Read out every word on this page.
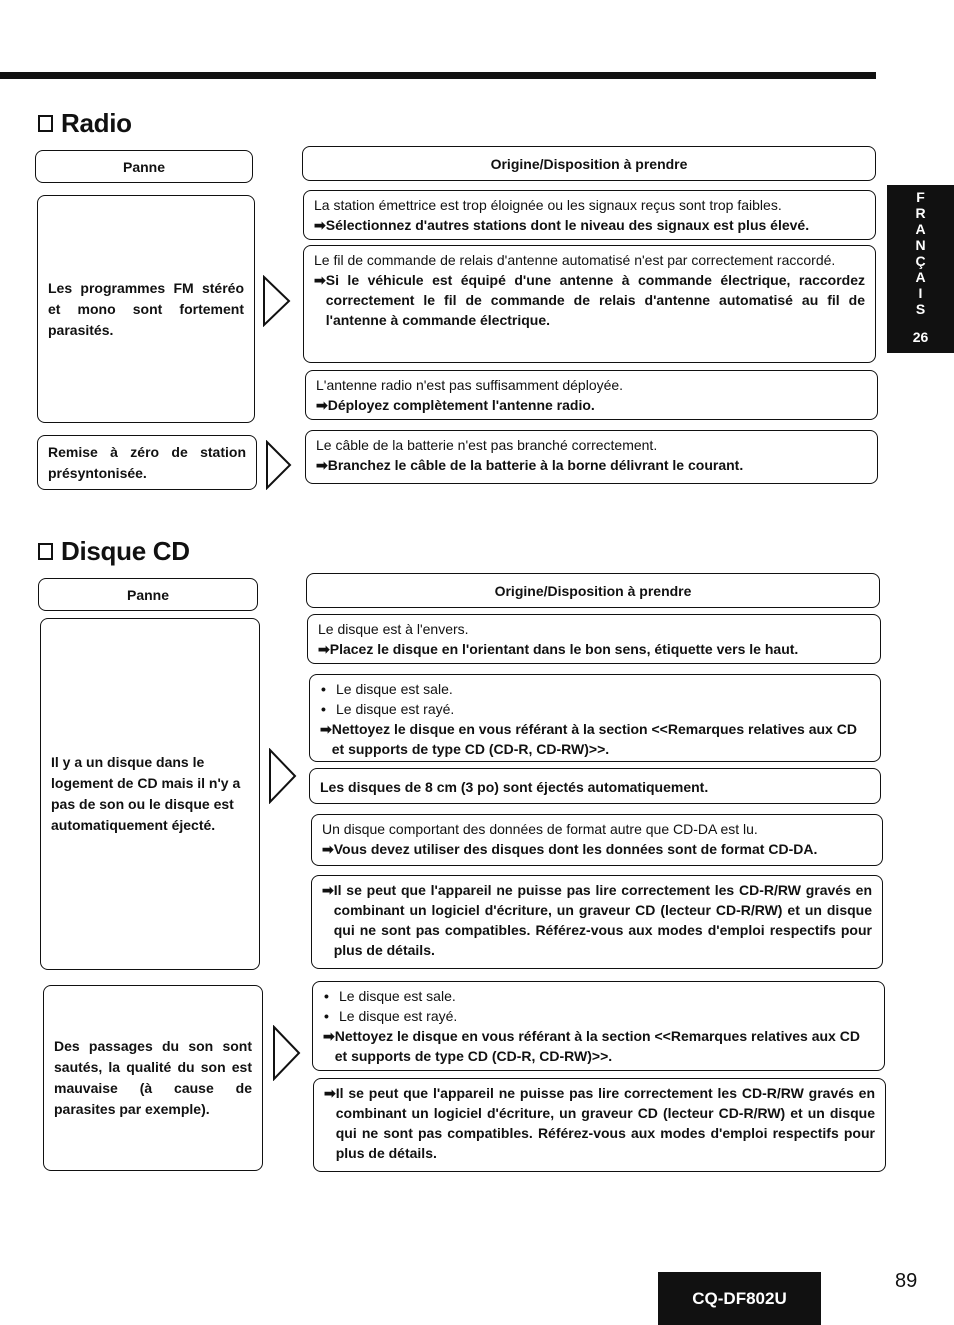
F
R
A
N
Ç
A
I
S
26
Radio
Panne	Origine/Disposition à prendre
Les programmes FM stéréo et mono sont fortement parasités.
Remise à zéro de station présyntonisée.
La station émettrice est trop éloignée ou les signaux reçus sont trop faibles.
➡Sélectionnez d'autres stations dont le niveau des signaux est plus élevé.
Le fil de commande de relais d'antenne automatisé n'est par correctement raccordé.
➡ Si le véhicule est équipé d'une antenne à commande électrique, raccordez correctement le fil de commande de relais d'antenne automatisé au fil de l'antenne à commande électrique.
L'antenne radio n'est pas suffisamment déployée.
➡Déployez complètement l'antenne radio.
Le câble de la batterie n'est pas branché correctement.
➡Branchez le câble de la batterie à la borne délivrant le courant.
Disque CD
Panne	Origine/Disposition à prendre
Il y a un disque dans le logement de CD mais il n'y a pas de son ou le disque est automatiquement éjecté.
Des passages du son sont sautés, la qualité du son est mauvaise (à cause de parasites par exemple).
Le disque est à l'envers.
➡Placez le disque en l'orientant dans le bon sens, étiquette vers le haut.
• Le disque est sale.
• Le disque est rayé.
➡ Nettoyez le disque en vous référant à la section <<Remarques relatives aux CD et supports de type CD (CD-R, CD-RW)>>.
Les disques de 8 cm (3 po) sont éjectés automatiquement.
Un disque comportant des données de format autre que CD-DA est lu.
➡Vous devez utiliser des disques dont les données sont de format CD-DA.
➡ Il se peut que l'appareil ne puisse pas lire correctement les CD-R/RW gravés en combinant un logiciel d'écriture, un graveur CD (lecteur CD-R/RW) et un disque qui ne sont pas compatibles. Référez-vous aux modes d'emploi respectifs pour plus de détails.
• Le disque est sale.
• Le disque est rayé.
➡ Nettoyez le disque en vous référant à la section <<Remarques relatives aux CD et supports de type CD (CD-R, CD-RW)>>.
➡ Il se peut que l'appareil ne puisse pas lire correctement les CD-R/RW gravés en combinant un logiciel d'écriture, un graveur CD (lecteur CD-R/RW) et un disque qui ne sont pas compatibles. Référez-vous aux modes d'emploi respectifs pour plus de détails.
CQ-DF802U
89
